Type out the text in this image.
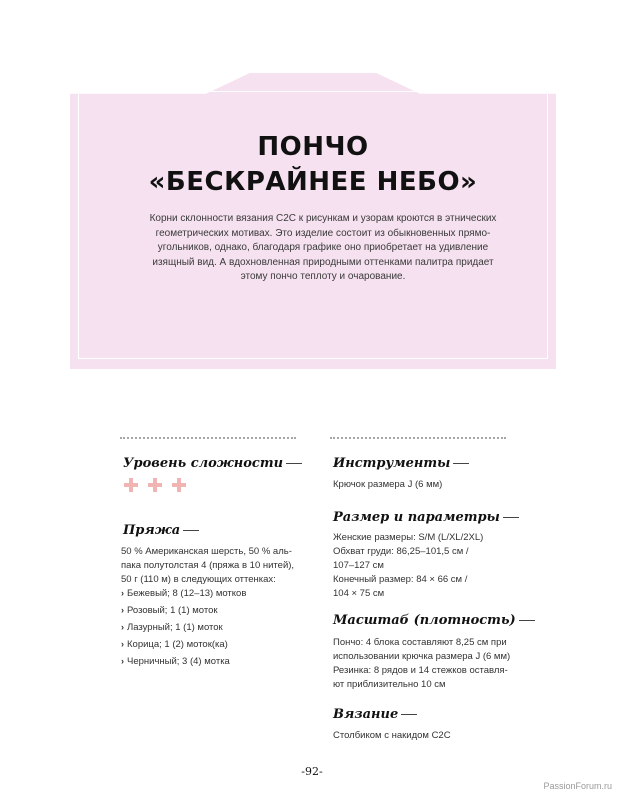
ПОНЧО
«БЕСКРАЙНЕЕ НЕБО»

Корни склонности вязания C2C к рисункам и узорам кроются в этнических геометрических мотивах. Это изделие состоит из обыкновенных прямо-угольников, однако, благодаря графике оно приобретает на удивление изящный вид. А вдохновленная природными оттенками палитра придает этому пончо теплоту и очарование.

Уровень сложности
Пряжа

50 % Американская шерсть, 50 % аль-

пака полутолстая 4 (пряжа в 10 нитей),

50 г (110 м) в следующих оттенках:

› Бежевый; 8 (12–13) мотков
› Розовый; 1 (1) моток
› Лазурный; 1 (1) моток
› Корица; 1 (2) моток(ка)
› Черничный; 3 (4) мотка
Инструменты

Крючок размера J (6 мм)

Размер и параметры

Женские размеры: S/M (L/XL/2XL)

Обхват груди: 86,25–101,5 см /

107–127 см

Конечный размер: 84 × 66 см /

104 × 75 см

Масштаб (плотность)

Пончо: 4 блока составляют 8,25 см при

использовании крючка размера J (6 мм)

Резинка: 8 рядов и 14 стежков оставля-

ют приблизительно 10 см

Вязание

Столбиком с накидом C2C

-92-

PassionForum.ru
